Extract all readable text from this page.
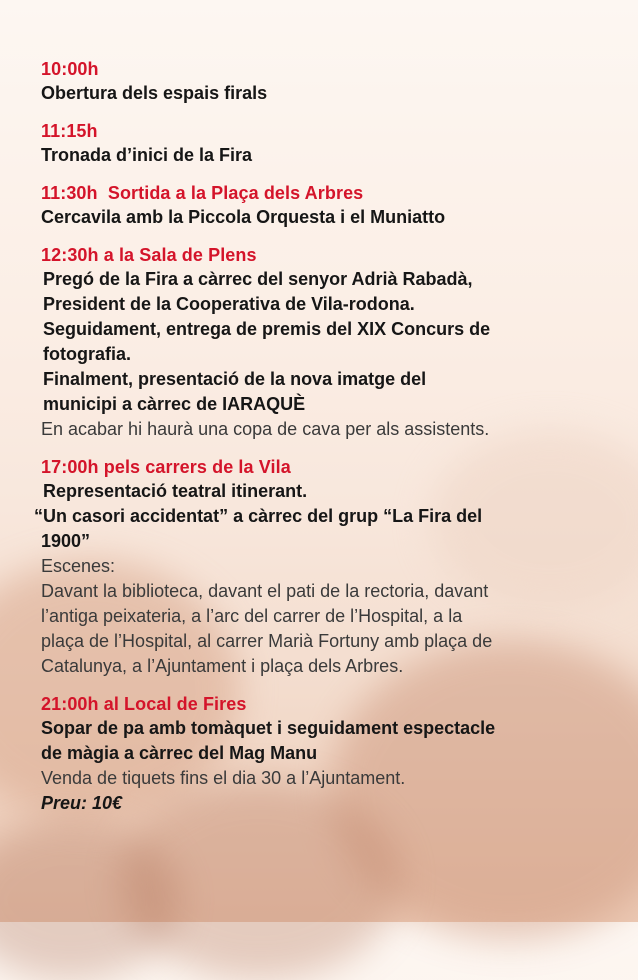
10:00h
Obertura dels espais firals
11:15h
Tronada d’inici de la Fira
11:30h  Sortida a la Plaça dels Arbres
Cercavila amb la Piccola Orquesta i el Muniatto
12:30h a la Sala de Plens
Pregó de la Fira a càrrec del senyor Adrià Rabadà,
President de la Cooperativa de Vila-rodona.
Seguidament, entrega de premis del XIX Concurs de
fotografia.
Finalment, presentació de la nova imatge del
municipi a càrrec de IARAQUÈ
En acabar hi haurà una copa de cava per als assistents.
17:00h pels carrers de la Vila
Representació teatral itinerant.
“Un casori accidentat” a càrrec del grup “La Fira del
1900”
Escenes:
Davant la biblioteca, davant el pati de la rectoria, davant
l’antiga peixateria, a l’arc del carrer de l’Hospital, a la
plaça de l’Hospital, al carrer Marià Fortuny amb plaça de
Catalunya, a l’Ajuntament i plaça dels Arbres.
21:00h al Local de Fires
Sopar de pa amb tomàquet i seguidament espectacle
de màgia a càrrec del Mag Manu
Venda de tiquets fins el dia 30 a l’Ajuntament.
Preu: 10€
